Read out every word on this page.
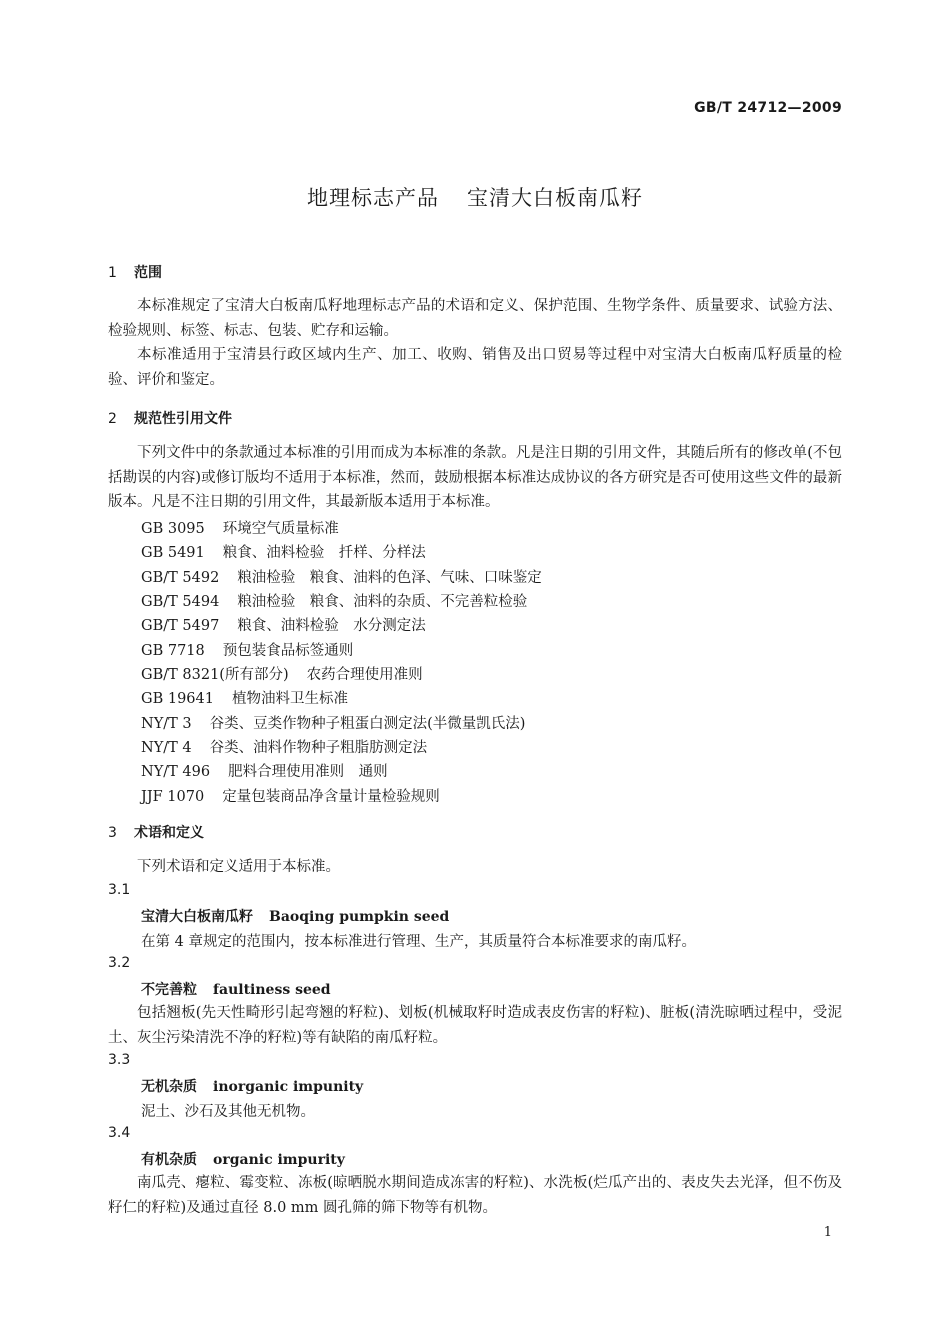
GB/T 24712—2009
地理标志产品 宝清大白板南瓜籽
1 范围
本标准规定了宝清大白板南瓜籽地理标志产品的术语和定义、保护范围、生物学条件、质量要求、试验方法、检验规则、标签、标志、包装、贮存和运输。
本标准适用于宝清县行政区域内生产、加工、收购、销售及出口贸易等过程中对宝清大白板南瓜籽质量的检验、评价和鉴定。
2 规范性引用文件
下列文件中的条款通过本标准的引用而成为本标准的条款。凡是注日期的引用文件，其随后所有的修改单(不包括勘误的内容)或修订版均不适用于本标准，然而，鼓励根据本标准达成协议的各方研究是否可使用这些文件的最新版本。凡是不注日期的引用文件，其最新版本适用于本标准。
GB 3095 环境空气质量标准
GB 5491 粮食、油料检验　扦样、分样法
GB/T 5492 粮油检验　粮食、油料的色泽、气味、口味鉴定
GB/T 5494 粮油检验　粮食、油料的杂质、不完善粒检验
GB/T 5497 粮食、油料检验　水分测定法
GB 7718 预包装食品标签通则
GB/T 8321(所有部分) 农药合理使用准则
GB 19641 植物油料卫生标准
NY/T 3 谷类、豆类作物种子粗蛋白测定法(半微量凯氏法)
NY/T 4 谷类、油料作物种子粗脂肪测定法
NY/T 496 肥料合理使用准则　通则
JJF 1070 定量包装商品净含量计量检验规则
3 术语和定义
下列术语和定义适用于本标准。
3.1
宝清大白板南瓜籽 Baoqing pumpkin seed
在第 4 章规定的范围内，按本标准进行管理、生产，其质量符合本标准要求的南瓜籽。
3.2
不完善粒 faultiness seed
包括翘板(先天性畸形引起弯翘的籽粒)、划板(机械取籽时造成表皮伤害的籽粒)、脏板(清洗晾晒过程中，受泥土、灰尘污染清洗不净的籽粒)等有缺陷的南瓜籽粒。
3.3
无机杂质 inorganic impunity
泥土、沙石及其他无机物。
3.4
有机杂质 organic impurity
南瓜壳、瘪粒、霉变粒、冻板(晾晒脱水期间造成冻害的籽粒)、水洗板(烂瓜产出的、表皮失去光泽，但不伤及籽仁的籽粒)及通过直径 8.0 mm 圆孔筛的筛下物等有机物。
1
